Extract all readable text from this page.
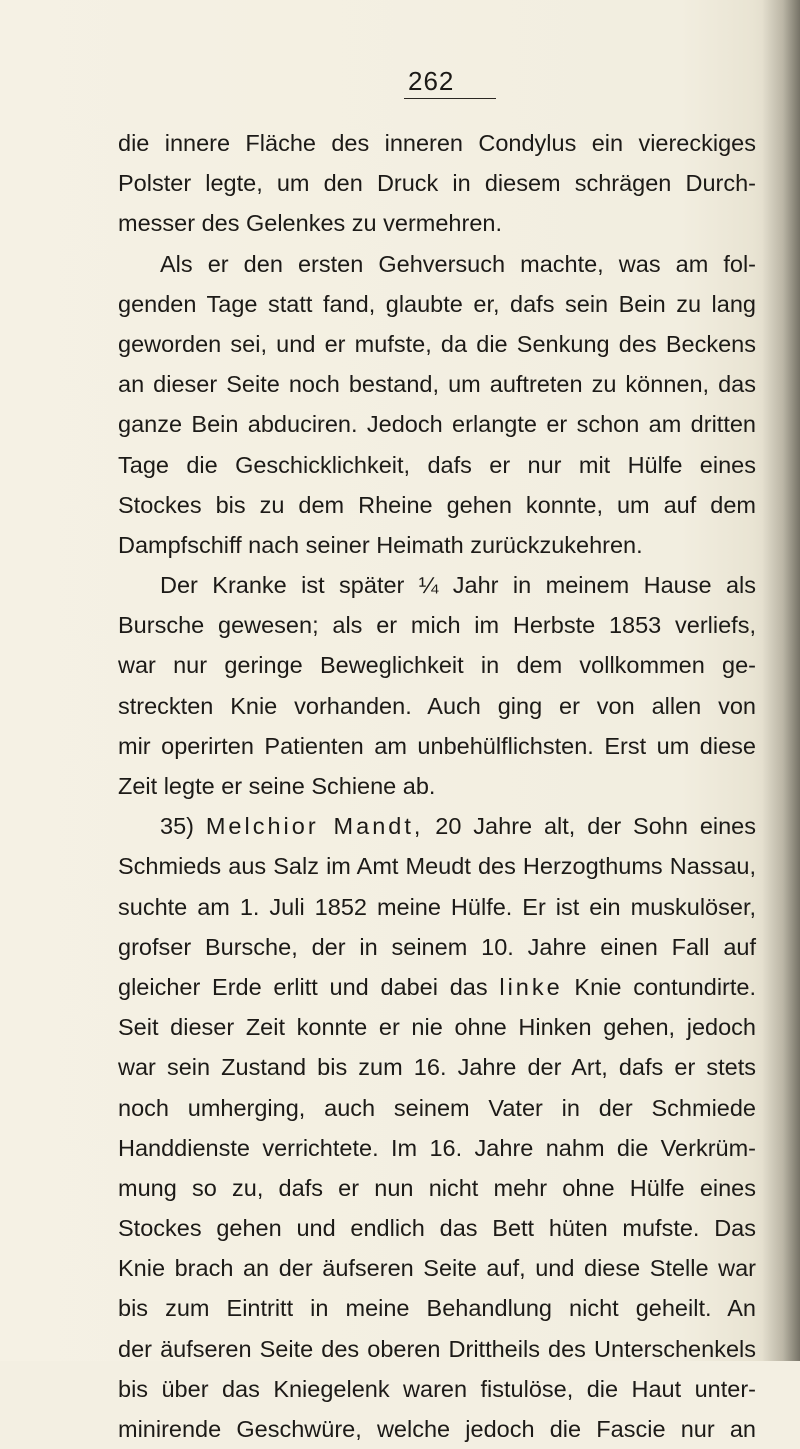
262
die innere Fläche des inneren Condylus ein viereckiges
Polster legte, um den Druck in diesem schrägen Durch-
messer des Gelenkes zu vermehren.
Als er den ersten Gehversuch machte, was am fol-
genden Tage statt fand, glaubte er, dafs sein Bein zu lang
geworden sei, und er mufste, da die Senkung des Beckens
an dieser Seite noch bestand, um auftreten zu können, das
ganze Bein abduciren. Jedoch erlangte er schon am dritten
Tage die Geschicklichkeit, dafs er nur mit Hülfe eines
Stockes bis zu dem Rheine gehen konnte, um auf dem
Dampfschiff nach seiner Heimath zurückzukehren.
Der Kranke ist später ¼ Jahr in meinem Hause als
Bursche gewesen; als er mich im Herbste 1853 verliefs,
war nur geringe Beweglichkeit in dem vollkommen ge-
streckten Knie vorhanden. Auch ging er von allen von
mir operirten Patienten am unbehülflichsten. Erst um diese
Zeit legte er seine Schiene ab.
35) Melchior Mandt, 20 Jahre alt, der Sohn eines
Schmieds aus Salz im Amt Meudt des Herzogthums Nassau,
suchte am 1. Juli 1852 meine Hülfe. Er ist ein muskulöser,
grofser Bursche, der in seinem 10. Jahre einen Fall auf
gleicher Erde erlitt und dabei das linke Knie contundirte.
Seit dieser Zeit konnte er nie ohne Hinken gehen, jedoch
war sein Zustand bis zum 16. Jahre der Art, dafs er stets
noch umherging, auch seinem Vater in der Schmiede
Handdienste verrichtete. Im 16. Jahre nahm die Verkrüm-
mung so zu, dafs er nun nicht mehr ohne Hülfe eines
Stockes gehen und endlich das Bett hüten mufste. Das
Knie brach an der äufseren Seite auf, und diese Stelle war
bis zum Eintritt in meine Behandlung nicht geheilt. An
der äufseren Seite des oberen Drittheils des Unterschenkels
bis über das Kniegelenk waren fistulöse, die Haut unter-
minirende Geschwüre, welche jedoch die Fascie nur an
